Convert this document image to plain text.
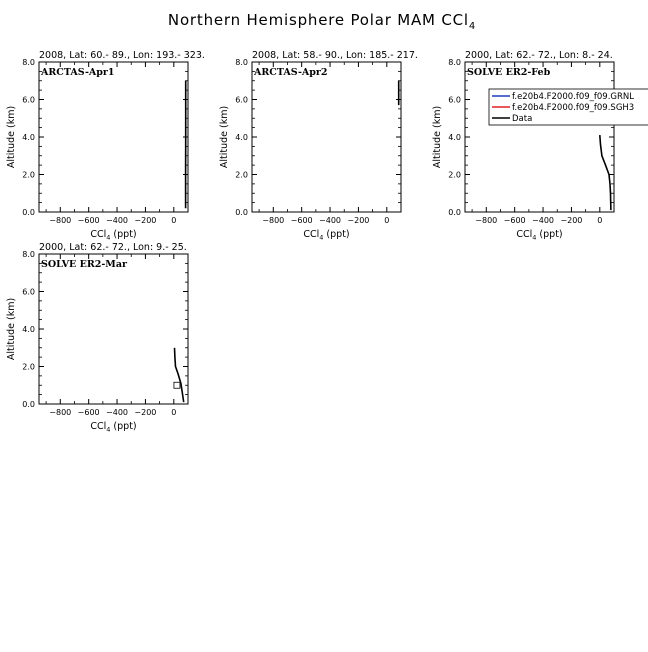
Northern Hemisphere Polar MAM CCl$_4$
2008, Lat: 60.- 89., Lon: 193.- 323.
0.0
2.0
4.0
6.0
8.0
−800 −600 −400 −200 0
CCl$_4$ (ppt)
Altitude (km)
ARCTAS-Apr1
2008, Lat: 58.- 90., Lon: 185.- 217.
0.0
2.0
4.0
6.0
8.0
−800 −600 −400 −200 0
CCl$_4$ (ppt)
Altitude (km)
ARCTAS-Apr2
2000, Lat: 62.- 72., Lon: 8.- 24.
0.0
2.0
4.0
6.0
8.0
−800 −600 −400 −200 0
CCl$_4$ (ppt)
Altitude (km)
SOLVE ER2-Feb
f.e20b4.F2000.f09_f09.GRNL
f.e20b4.F2000.f09_f09.SGH3
Data
2000, Lat: 62.- 72., Lon: 9.- 25.
0.0
2.0
4.0
6.0
8.0
−800 −600 −400 −200 0
CCl$_4$ (ppt)
Altitude (km)
SOLVE ER2-Mar
